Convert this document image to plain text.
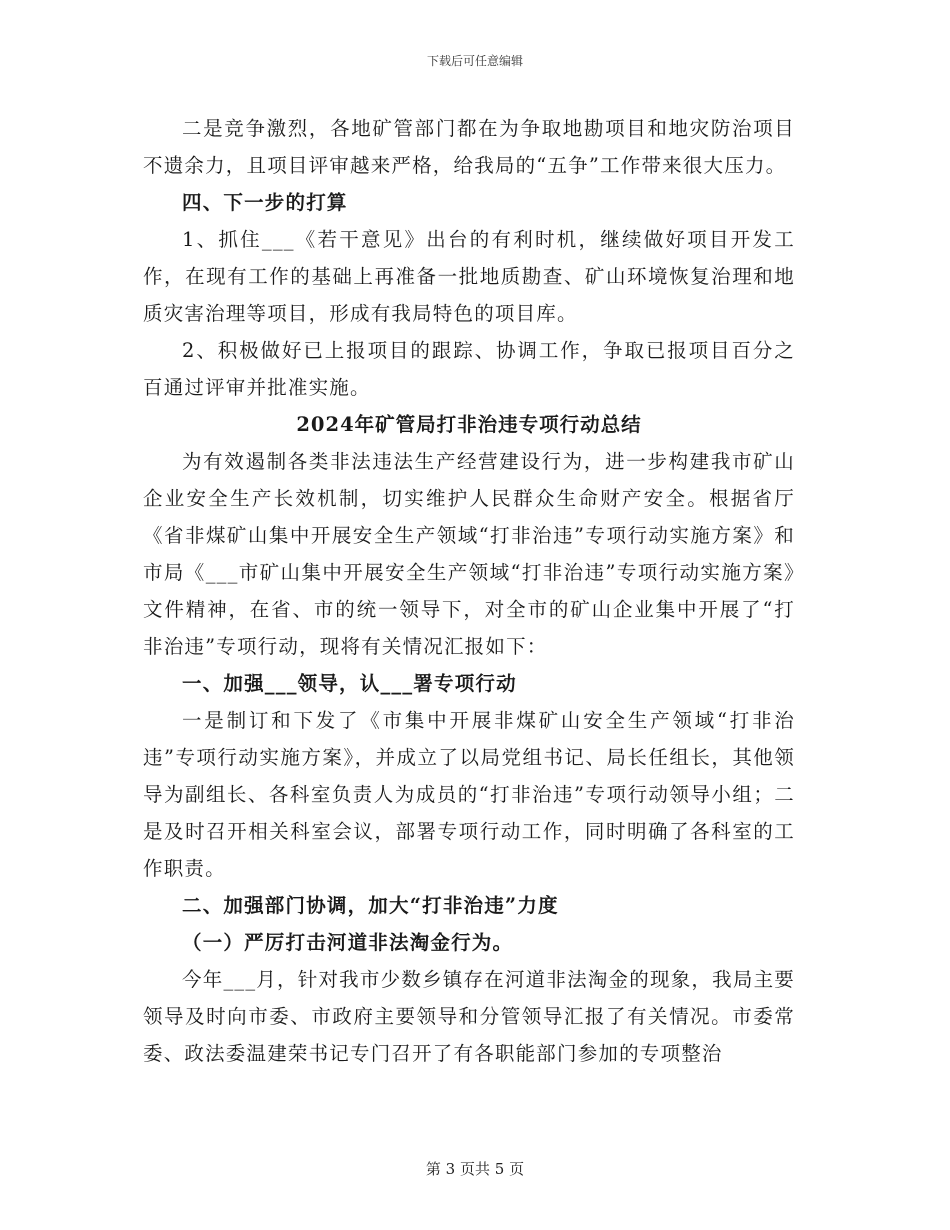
下载后可任意编辑

二是竞争激烈，各地矿管部门都在为争取地勘项目和地灾防治项目不遗余力，且项目评审越来严格，给我局的“五争”工作带来很大压力。

四、下一步的打算

1、抓住___《若干意见》出台的有利时机，继续做好项目开发工作，在现有工作的基础上再准备一批地质勘查、矿山环境恢复治理和地质灾害治理等项目，形成有我局特色的项目库。

2、积极做好已上报项目的跟踪、协调工作，争取已报项目百分之百通过评审并批准实施。

2024年矿管局打非治违专项行动总结

为有效遏制各类非法违法生产经营建设行为，进一步构建我市矿山企业安全生产长效机制，切实维护人民群众生命财产安全。根据省厅《省非煤矿山集中开展安全生产领域“打非治违”专项行动实施方案》和市局《___市矿山集中开展安全生产领域“打非治违”专项行动实施方案》文件精神，在省、市的统一领导下，对全市的矿山企业集中开展了“打非治违”专项行动，现将有关情况汇报如下：

一、加强___领导，认___署专项行动

一是制订和下发了《市集中开展非煤矿山安全生产领域“打非治违”专项行动实施方案》，并成立了以局党组书记、局长任组长，其他领导为副组长、各科室负责人为成员的“打非治违”专项行动领导小组；二是及时召开相关科室会议，部署专项行动工作，同时明确了各科室的工作职责。

二、加强部门协调，加大“打非治违”力度

（一）严厉打击河道非法淘金行为。

今年___月，针对我市少数乡镇存在河道非法淘金的现象，我局主要领导及时向市委、市政府主要领导和分管领导汇报了有关情况。市委常委、政法委温建荣书记专门召开了有各职能部门参加的专项整治

第 3 页共 5 页
